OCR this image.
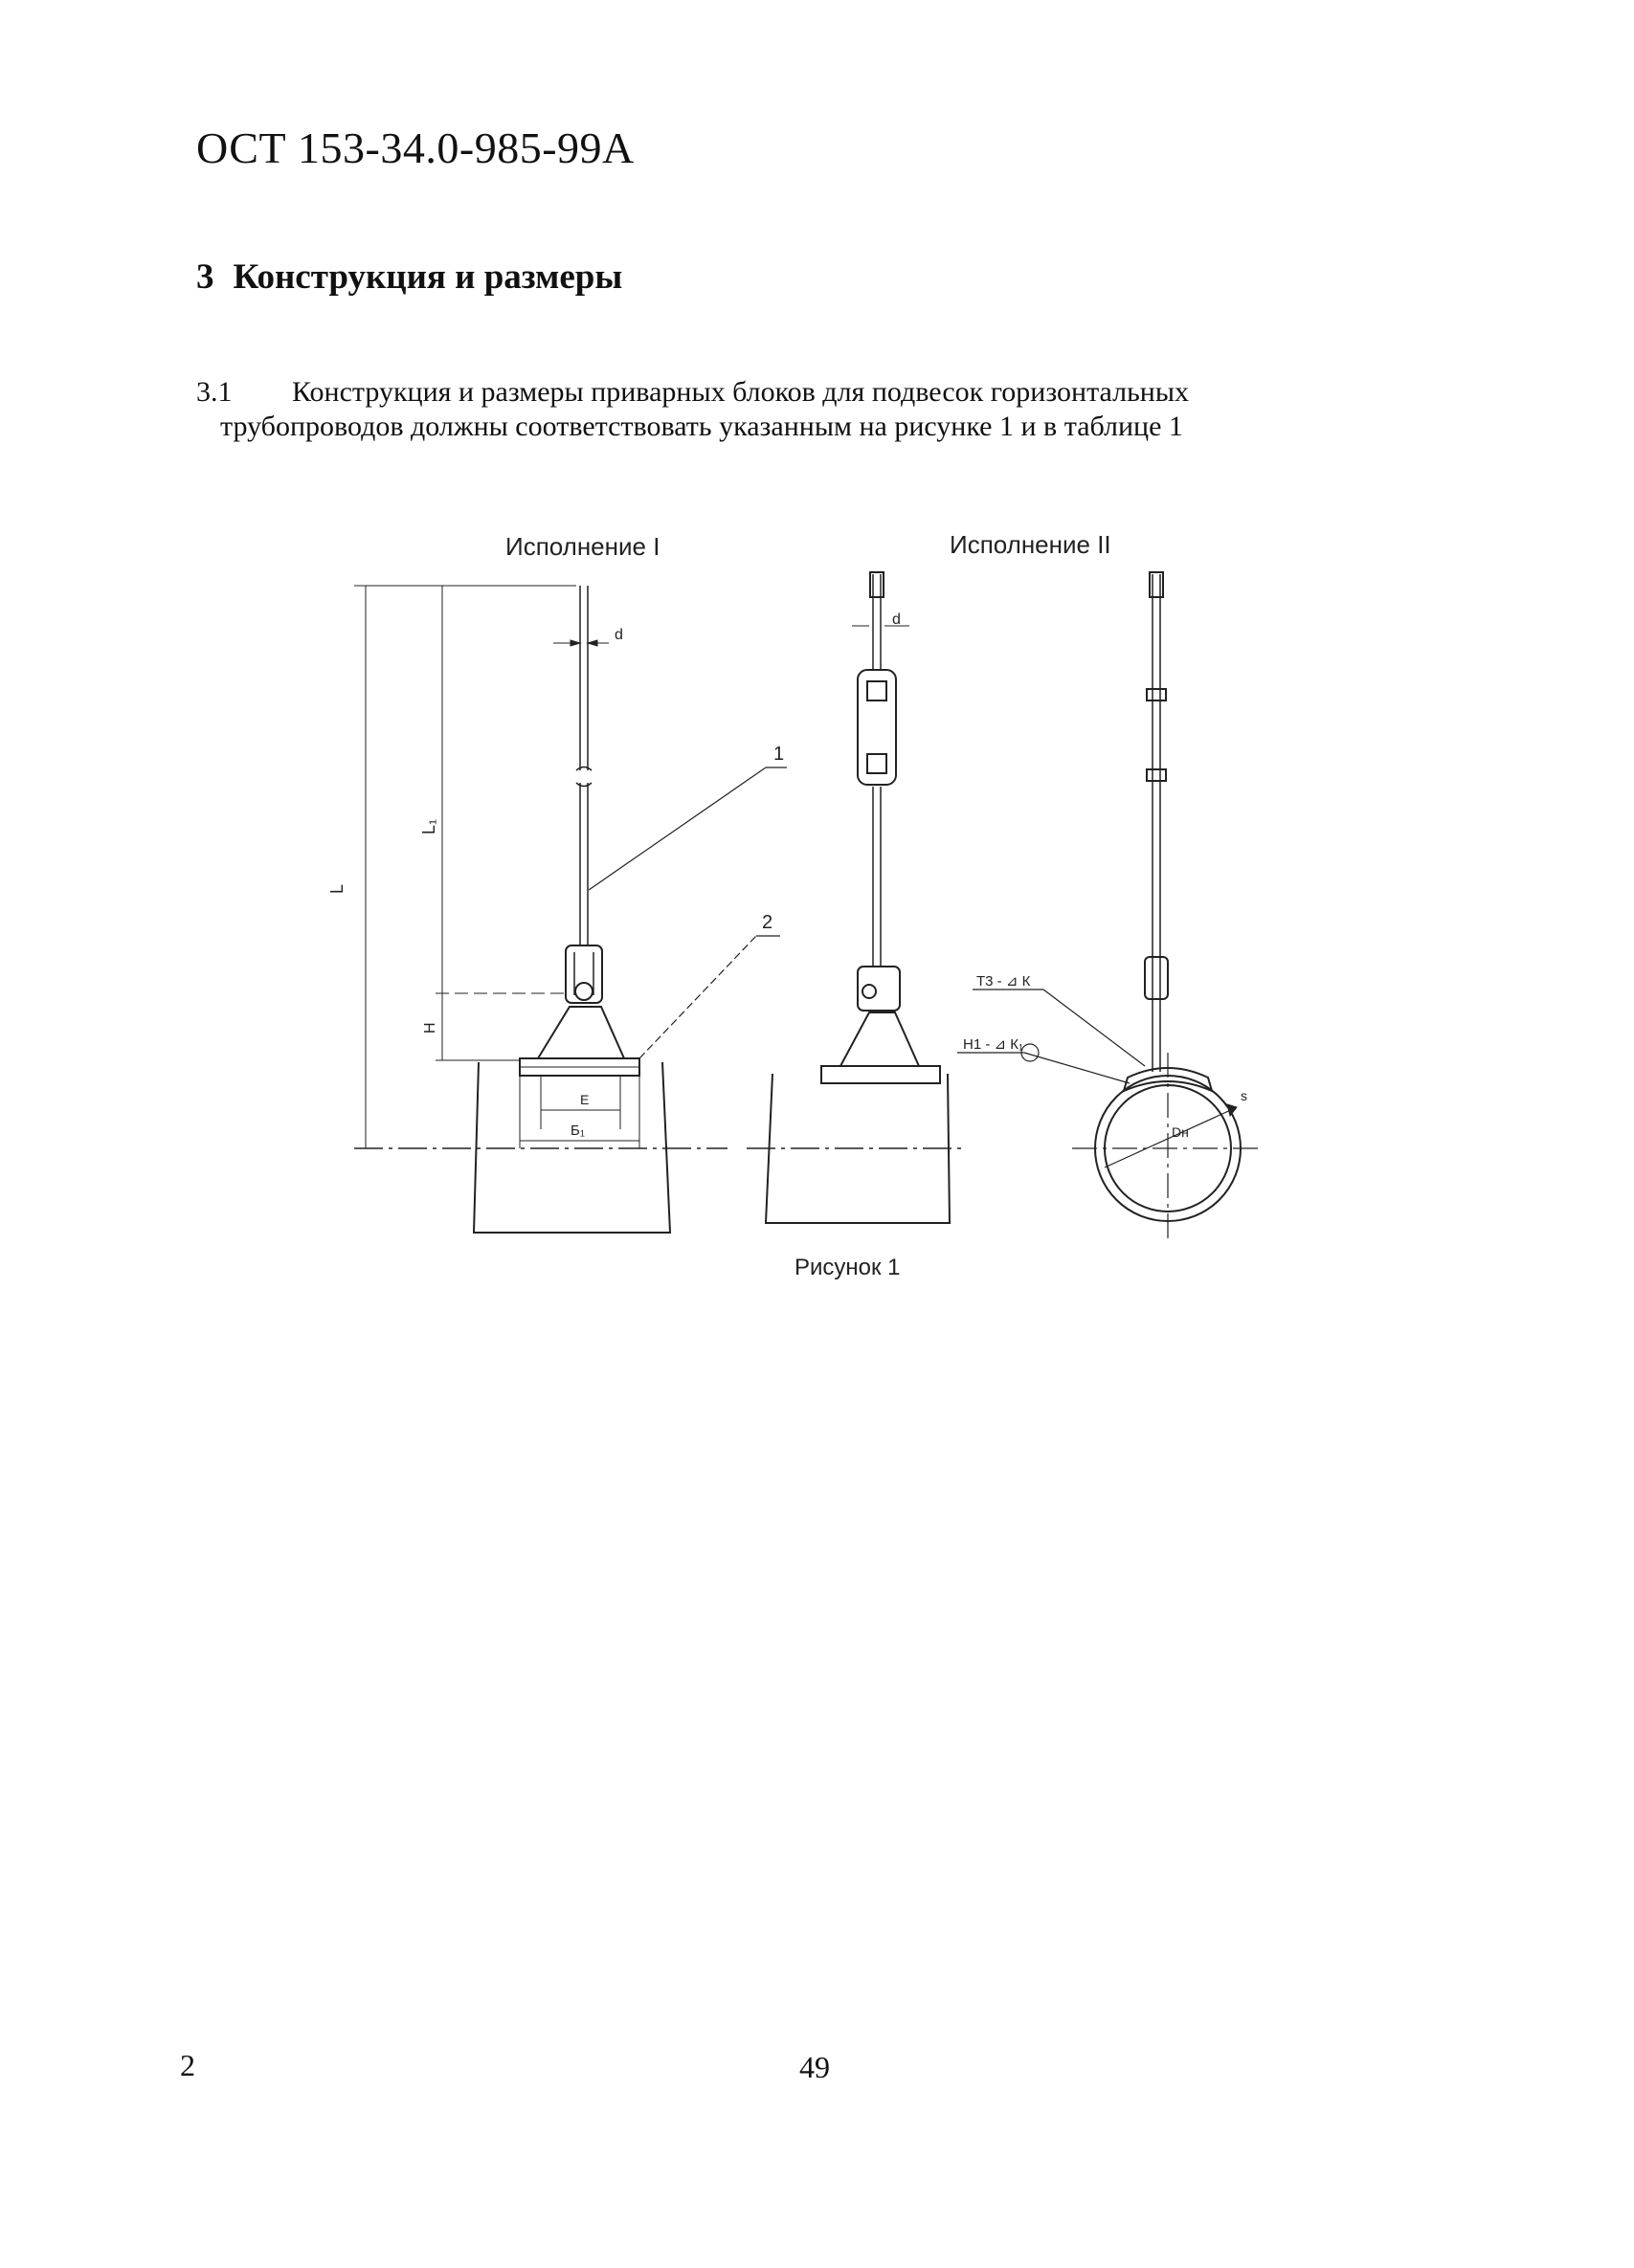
ОСТ 153-34.0-985-99А
3 Конструкция и размеры
3.1 Конструкция и размеры приварных блоков для подвесок горизонтальных
трубопроводов должны соответствовать указанным на рисунке 1 и в таблице 1
Исполнение I	Исполнение II
d
d
L
L₁
H
E
Б₁
1
2
Т3 - ⊿ К
Н1 - ⊿ К₁
Dн
s
Рисунок 1
2	49
